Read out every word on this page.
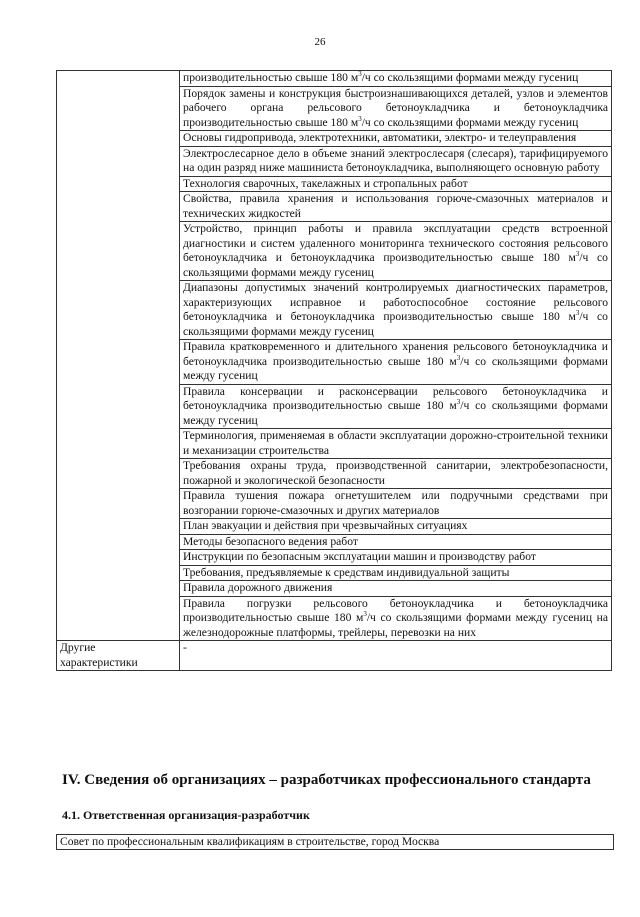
26
	производительностью свыше 180 $м^3/ч$ со скользящими формами между гусениц
	Порядок замены и конструкция быстроизнашивающихся деталей, узлов и элементов рабочего органа рельсового бетоноукладчика и бетоноукладчика производительностью свыше 180 $м^3/ч$ со скользящими формами между гусениц
	Основы гидропривода, электротехники, автоматики, электро- и телеуправления
	Электрослесарное дело в объеме знаний электрослесаря (слесаря), тарифицируемого на один разряд ниже машиниста бетоноукладчика, выполняющего основную работу
	Технология сварочных, такелажных и стропальных работ
	Свойства, правила хранения и использования горюче-смазочных материалов и технических жидкостей
	Устройство, принцип работы и правила эксплуатации средств встроенной диагностики и систем удаленного мониторинга технического состояния рельсового бетоноукладчика и бетоноукладчика производительностью свыше 180 $м^3/ч$ со скользящими формами между гусениц
	Диапазоны допустимых значений контролируемых диагностических параметров, характеризующих исправное и работоспособное состояние рельсового бетоноукладчика и бетоноукладчика производительностью свыше 180 $м^3/ч$ со скользящими формами между гусениц
	Правила кратковременного и длительного хранения рельсового бетоноукладчика и бетоноукладчика производительностью свыше 180 $м^3/ч$ со скользящими формами между гусениц
	Правила консервации и расконсервации рельсового бетоноукладчика и бетоноукладчика производительностью свыше 180 $м^3/ч$ со скользящими формами между гусениц
	Терминология, применяемая в области эксплуатации дорожно-строительной техники и механизации строительства
	Требования охраны труда, производственной санитарии, электробезопасности, пожарной и экологической безопасности
	Правила тушения пожара огнетушителем или подручными средствами при возгорании горюче-смазочных и других материалов
	План эвакуации и действия при чрезвычайных ситуациях
	Методы безопасного ведения работ
	Инструкции по безопасным эксплуатации машин и производству работ
	Требования, предъявляемые к средствам индивидуальной защиты
	Правила дорожного движения
	Правила погрузки рельсового бетоноукладчика и бетоноукладчика производительностью свыше 180 $м^3/ч$ со скользящими формами между гусениц на железнодорожные платформы, трейлеры, перевозки на них
Другие характеристики	-
IV. Сведения об организациях – разработчиках профессионального стандарта
4.1. Ответственная организация-разработчик
Совет по профессиональным квалификациям в строительстве, город Москва
